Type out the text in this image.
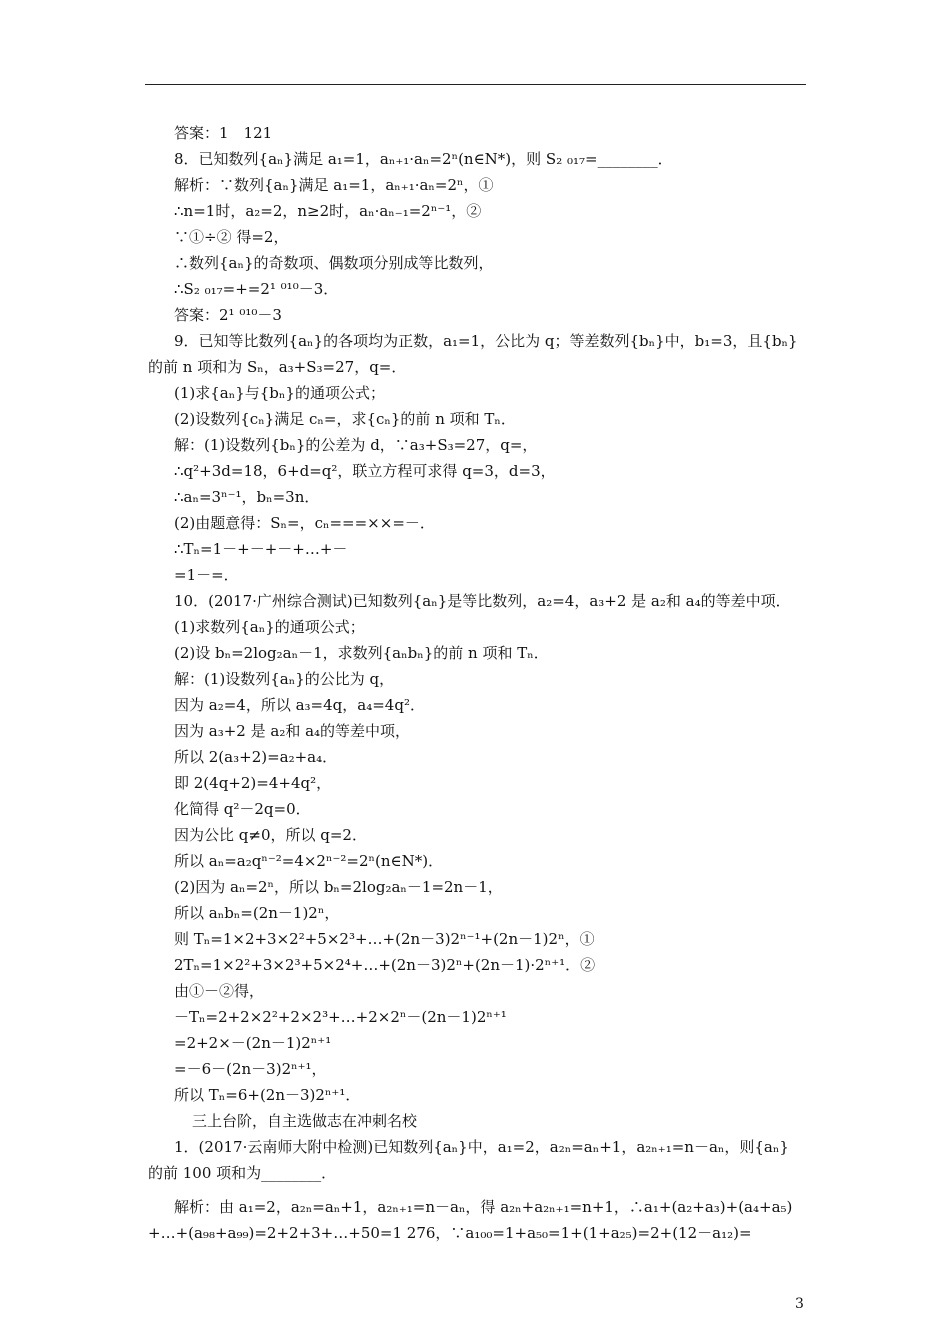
答案：1　121
8．已知数列{aₙ}满足 a₁=1，aₙ₊₁·aₙ=2ⁿ(n∈N*)，则 S₂ ₀₁₇=________．
解析：∵数列{aₙ}满足 a₁=1，aₙ₊₁·aₙ=2ⁿ，①
∴n=1时，a₂=2，n≥2时，aₙ·aₙ₋₁=2ⁿ⁻¹，②
∵①÷② 得=2，
∴数列{aₙ}的奇数项、偶数项分别成等比数列，
∴S₂ ₀₁₇=+=2¹ ⁰¹⁰－3．
答案：2¹ ⁰¹⁰－3
9．已知等比数列{aₙ}的各项均为正数，a₁=1，公比为 q；等差数列{bₙ}中，b₁=3，且{bₙ}
的前 n 项和为 Sₙ，a₃+S₃=27，q=．
(1)求{aₙ}与{bₙ}的通项公式；
(2)设数列{cₙ}满足 cₙ=，求{cₙ}的前 n 项和 Tₙ．
解：(1)设数列{bₙ}的公差为 d，∵a₃+S₃=27，q=，
∴q²+3d=18，6+d=q²，联立方程可求得 q=3，d=3，
∴aₙ=3ⁿ⁻¹，bₙ=3n．
(2)由题意得：Sₙ=，cₙ===××=－．
∴Tₙ=1－+－+－+…+－
=1－=．
10．(2017·广州综合测试)已知数列{aₙ}是等比数列，a₂=4，a₃+2 是 a₂和 a₄的等差中项．
(1)求数列{aₙ}的通项公式；
(2)设 bₙ=2log₂aₙ－1，求数列{aₙbₙ}的前 n 项和 Tₙ．
解：(1)设数列{aₙ}的公比为 q，
因为 a₂=4，所以 a₃=4q，a₄=4q²．
因为 a₃+2 是 a₂和 a₄的等差中项，
所以 2(a₃+2)=a₂+a₄．
即 2(4q+2)=4+4q²，
化简得 q²－2q=0．
因为公比 q≠0，所以 q=2．
所以 aₙ=a₂qⁿ⁻²=4×2ⁿ⁻²=2ⁿ(n∈N*)．
(2)因为 aₙ=2ⁿ，所以 bₙ=2log₂aₙ－1=2n－1，
所以 aₙbₙ=(2n－1)2ⁿ，
则 Tₙ=1×2+3×2²+5×2³+…+(2n－3)2ⁿ⁻¹+(2n－1)2ⁿ，①
2Tₙ=1×2²+3×2³+5×2⁴+…+(2n－3)2ⁿ+(2n－1)·2ⁿ⁺¹．②
由①－②得，
－Tₙ=2+2×2²+2×2³+…+2×2ⁿ－(2n－1)2ⁿ⁺¹
=2+2×－(2n－1)2ⁿ⁺¹
=－6－(2n－3)2ⁿ⁺¹，
所以 Tₙ=6+(2n－3)2ⁿ⁺¹．
三上台阶，自主选做志在冲刺名校
1．(2017·云南师大附中检测)已知数列{aₙ}中，a₁=2，a₂ₙ=aₙ+1，a₂ₙ₊₁=n－aₙ，则{aₙ}
的前 100 项和为________．
解析：由 a₁=2，a₂ₙ=aₙ+1，a₂ₙ₊₁=n－aₙ，得 a₂ₙ+a₂ₙ₊₁=n+1，∴a₁+(a₂+a₃)+(a₄+a₅)
+…+(a₉₈+a₉₉)=2+2+3+…+50=1 276，∵a₁₀₀=1+a₅₀=1+(1+a₂₅)=2+(12－a₁₂)=
3
